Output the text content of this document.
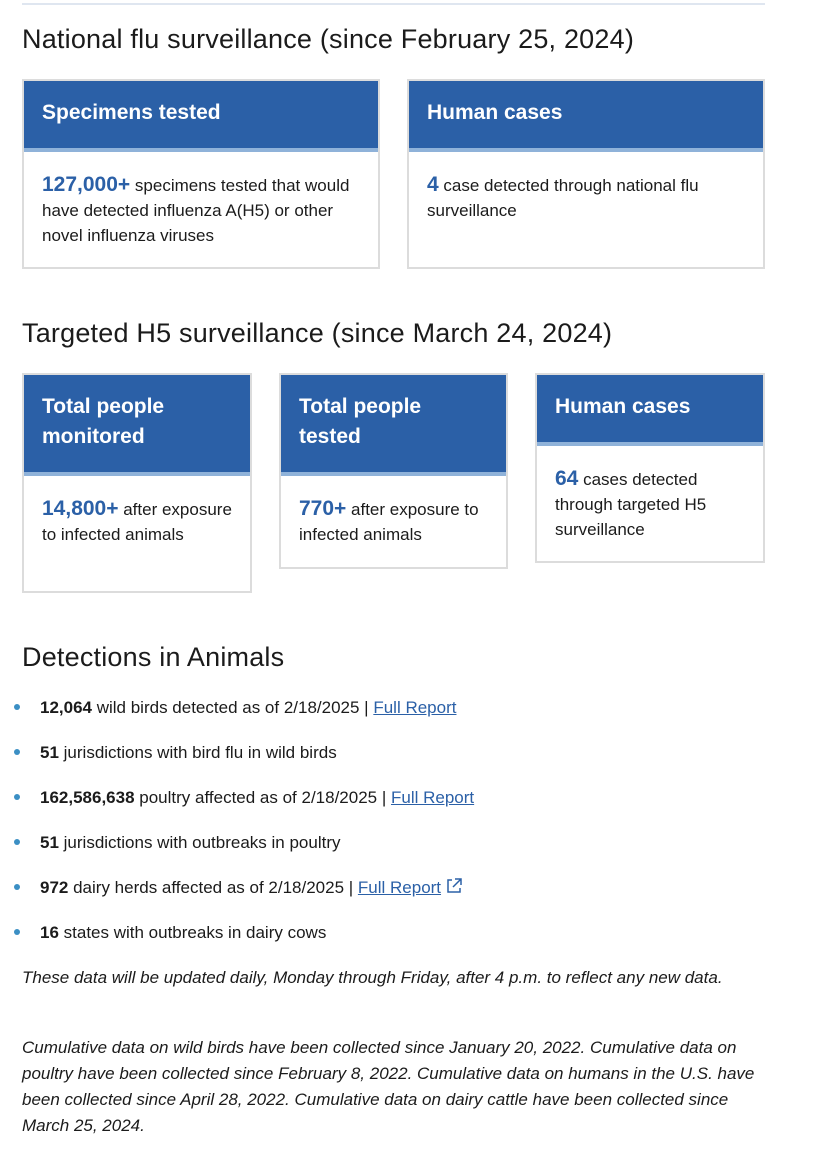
National flu surveillance (since February 25, 2024)
Specimens tested
127,000+ specimens tested that would have detected influenza A(H5) or other novel influenza viruses
Human cases
4 case detected through national flu surveillance
Targeted H5 surveillance (since March 24, 2024)
Total people monitored
14,800+ after exposure to infected animals
Total people tested
770+ after exposure to infected animals
Human cases
64 cases detected through targeted H5 surveillance
Detections in Animals
12,064 wild birds detected as of 2/18/2025 | Full Report
51 jurisdictions with bird flu in wild birds
162,586,638 poultry affected as of 2/18/2025 | Full Report
51 jurisdictions with outbreaks in poultry
972 dairy herds affected as of 2/18/2025 | Full Report
16 states with outbreaks in dairy cows

These data will be updated daily, Monday through Friday, after 4 p.m. to reflect any new data.

Cumulative data on wild birds have been collected since January 20, 2022. Cumulative data on poultry have been collected since February 8, 2022. Cumulative data on humans in the U.S. have been collected since April 28, 2022. Cumulative data on dairy cattle have been collected since March 25, 2024.
